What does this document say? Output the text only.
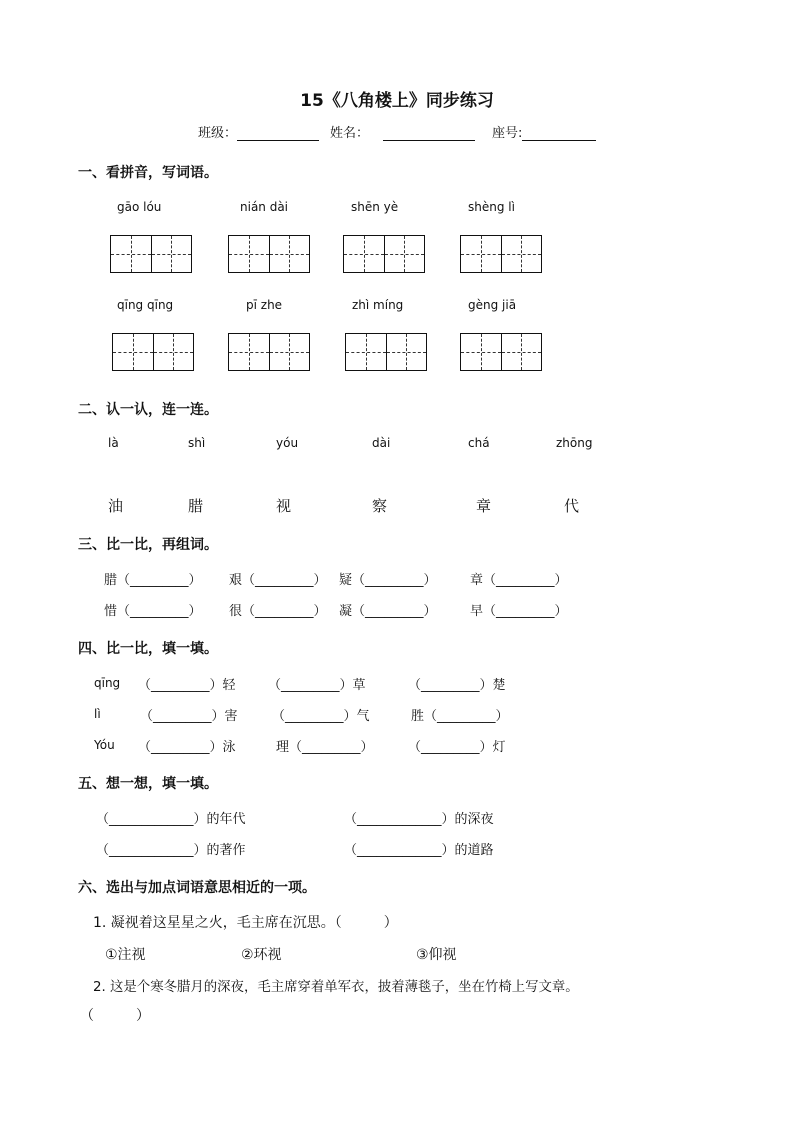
15《八角楼上》同步练习
班级：	姓名：	座号:
一、看拼音，写词语。
gāo lóu	nián dài	shēn yè	shèng lì
qīng qīng	pī zhe	zhì míng	gèng jiā
二、认一认，连一连。
là	shì	yóu	dài	chá	zhōng
油	腊	视	察	章	代
三、比一比，再组词。
腊（_________） 艰（_________） 疑（_________）	章（_________）
惜（_________） 很（_________） 凝（_________）	早（_________）
四、比一比，填一填。
qīng （_________）轻 （_________）草	（_________）楚
lì	（_________）害	（_________）气	胜（_________）
Yóu （_________）泳	理（_________）	（_________）灯
五、想一想，填一填。
（_____________）的年代	（_____________）的深夜
（_____________）的著作	（_____________）的道路
六、选出与加点词语意思相近的一项。
1. 凝视着这星星之火，毛主席在沉思。（　　　）
①注视	②环视	③仰视
2. 这是个寒冬腊月的深夜，毛主席穿着单军衣，披着薄毯子，坐在竹椅上写文章。
（　　　）
